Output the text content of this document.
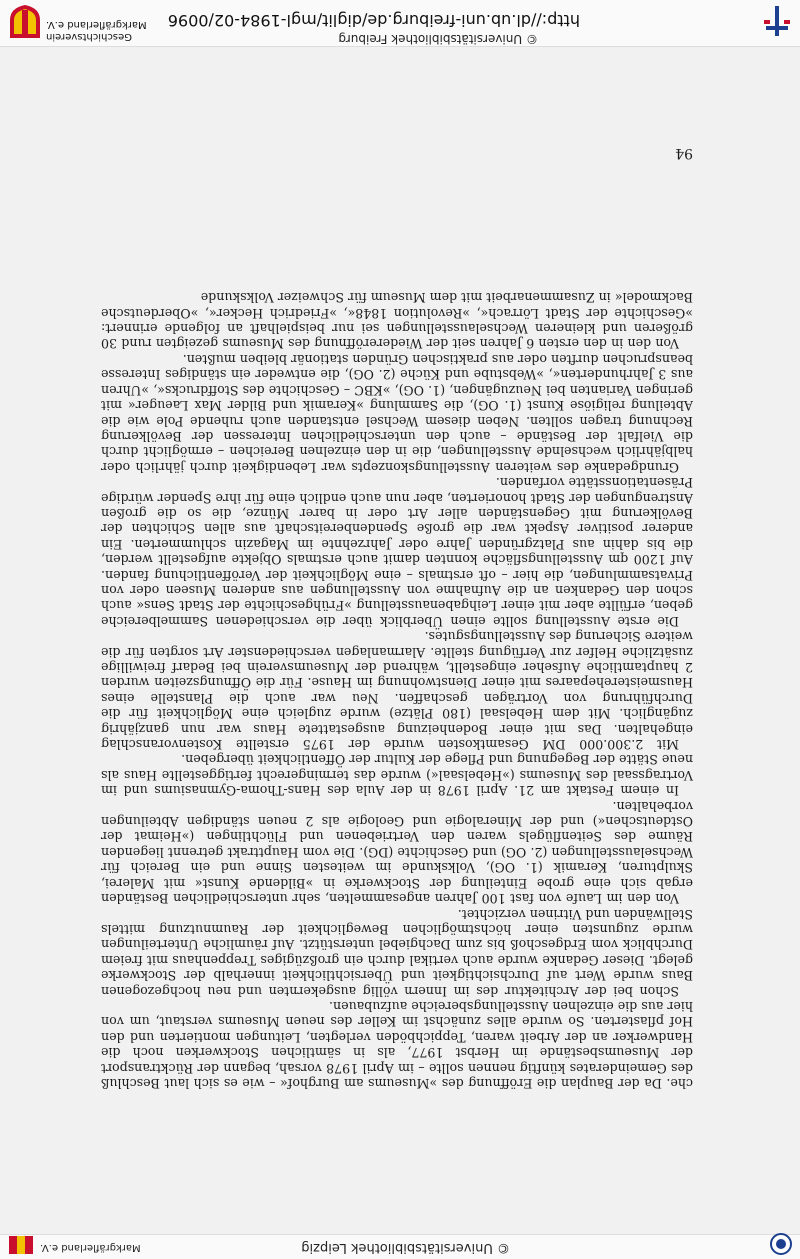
© Universitätsbibliothek Leipzig
Markgräflerland e.V.

che. Da der Bauplan die Eröffnung des »Museums am Burghof« – wie es sich laut Beschluß des Gemeinderates künftig nennen sollte – im April 1978 vorsah, begann der Rücktransport der Museumsbestände im Herbst 1977, als in sämtlichen Stockwerken noch die Handwerker an der Arbeit waren, Teppichböden verlegten, Leitungen montierten und den Hof pflasterten. So wurde alles zunächst im Keller des neuen Museums verstaut, um von hier aus die einzelnen Ausstellungsbereiche aufzubauen.

Schon bei der Architektur des im Innern völlig ausgekernten und neu hochgezogenen Baus wurde Wert auf Durchsichtigkeit und Übersichtlichkeit innerhalb der Stockwerke gelegt. Dieser Gedanke wurde auch vertikal durch ein großzügiges Treppenhaus mit freiem Durchblick vom Erdgeschoß bis zum Dachgiebel unterstützt. Auf räumliche Unterteilungen wurde zugunsten einer höchstmöglichen Beweglichkeit der Raumnutzung mittels Stellwänden und Vitrinen verzichtet.

Von den im Laufe von fast 100 Jahren angesammelten, sehr unterschiedlichen Beständen ergab sich eine grobe Einteilung der Stockwerke in »Bildende Kunst« mit Malerei, Skulpturen, Keramik (1. OG), Volkskunde im weitesten Sinne und ein Bereich für Wechselausstellungen (2. OG) und Geschichte (DG). Die vom Haupttrakt getrennt liegenden Räume des Seitenflügels waren den Vertriebenen und Flüchtlingen (»Heimat der Ostdeutschen«) und der Mineralogie und Geologie als 2 neuen ständigen Abteilungen vorbehalten.

In einem Festakt am 21. April 1978 in der Aula des Hans-Thoma-Gymnasiums und im Vortragssaal des Museums (»Hebelsaal«) wurde das termingerecht fertiggestellte Haus als neue Stätte der Begegnung und Pflege der Kultur der Öffentlichkeit übergeben.

Mit 2.300.000 DM Gesamtkosten wurde der 1975 erstellte Kostenvoranschlag eingehalten. Das mit einer Bodenheizung ausgestattete Haus war nun ganzjährig zugänglich. Mit dem Hebelsaal (180 Plätze) wurde zugleich eine Möglichkeit für die Durchführung von Vorträgen geschaffen. Neu war auch die Planstelle eines Hausmeisterehepaares mit einer Dienstwohnung im Hause. Für die Öffnungszeiten wurden 2 hauptamtliche Aufseher eingestellt, während der Museumsverein bei Bedarf freiwillige zusätzliche Helfer zur Verfügung stellte. Alarmanlagen verschiedenster Art sorgten für die weitere Sicherung des Ausstellungsgutes.

Die erste Ausstellung sollte einen Überblick über die verschiedenen Sammelbereiche geben, erfüllte aber mit einer Leihgabenausstellung »Frühgeschichte der Stadt Sens« auch schon den Gedanken an die Aufnahme von Ausstellungen aus anderen Museen oder von Privatsammlungen, die hier – oft erstmals – eine Möglichkeit der Veröffentlichung fanden. Auf 1200 qm Ausstellungsfläche konnten damit auch erstmals Objekte aufgestellt werden, die bis dahin aus Platzgründen Jahre oder Jahrzehnte im Magazin schlummerten. Ein anderer positiver Aspekt war die große Spendenbereitschaft aus allen Schichten der Bevölkerung mit Gegenständen aller Art oder in barer Münze, die so die großen Anstrengungen der Stadt honorierten, aber nun auch endlich eine für ihre Spender würdige Präsentationsstätte vorfanden.

Grundgedanke des weiteren Ausstellungskonzepts war Lebendigkeit durch jährlich oder halbjährlich wechselnde Ausstellungen, die in den einzelnen Bereichen – ermöglicht durch die Vielfalt der Bestände – auch den unterschiedlichen Interessen der Bevölkerung Rechnung tragen sollten. Neben diesem Wechsel entstanden auch ruhende Pole wie die Abteilung religiöse Kunst (1. OG), die Sammlung »Keramik und Bilder Max Laeuger« mit geringen Varianten bei Neuzugängen, (1. OG), »KBC – Geschichte des Stoffdrucks«, »Uhren aus 3 Jahrhunderten«, »Webstube und Küche (2. OG), die entweder ein ständiges Interesse beanspruchen durften oder aus praktischen Gründen stationär bleiben mußten.

Von den in den ersten 6 Jahren seit der Wiedereröffnung des Museums gezeigten rund 30 größeren und kleineren Wechselausstellungen sei nur beispielhaft an folgende erinnert: »Geschichte der Stadt Lörrach«, »Revolution 1848«, »Friedrich Hecker«, »Oberdeutsche Backmodel« in Zusammenarbeit mit dem Museum für Schweizer Volkskunde

94
© Universitätsbibliothek Freiburg
http://dl.ub.uni-freiburg.de/diglit/mgl-1984-02/0096
Geschichtsverein
Markgräflerland e.V.
